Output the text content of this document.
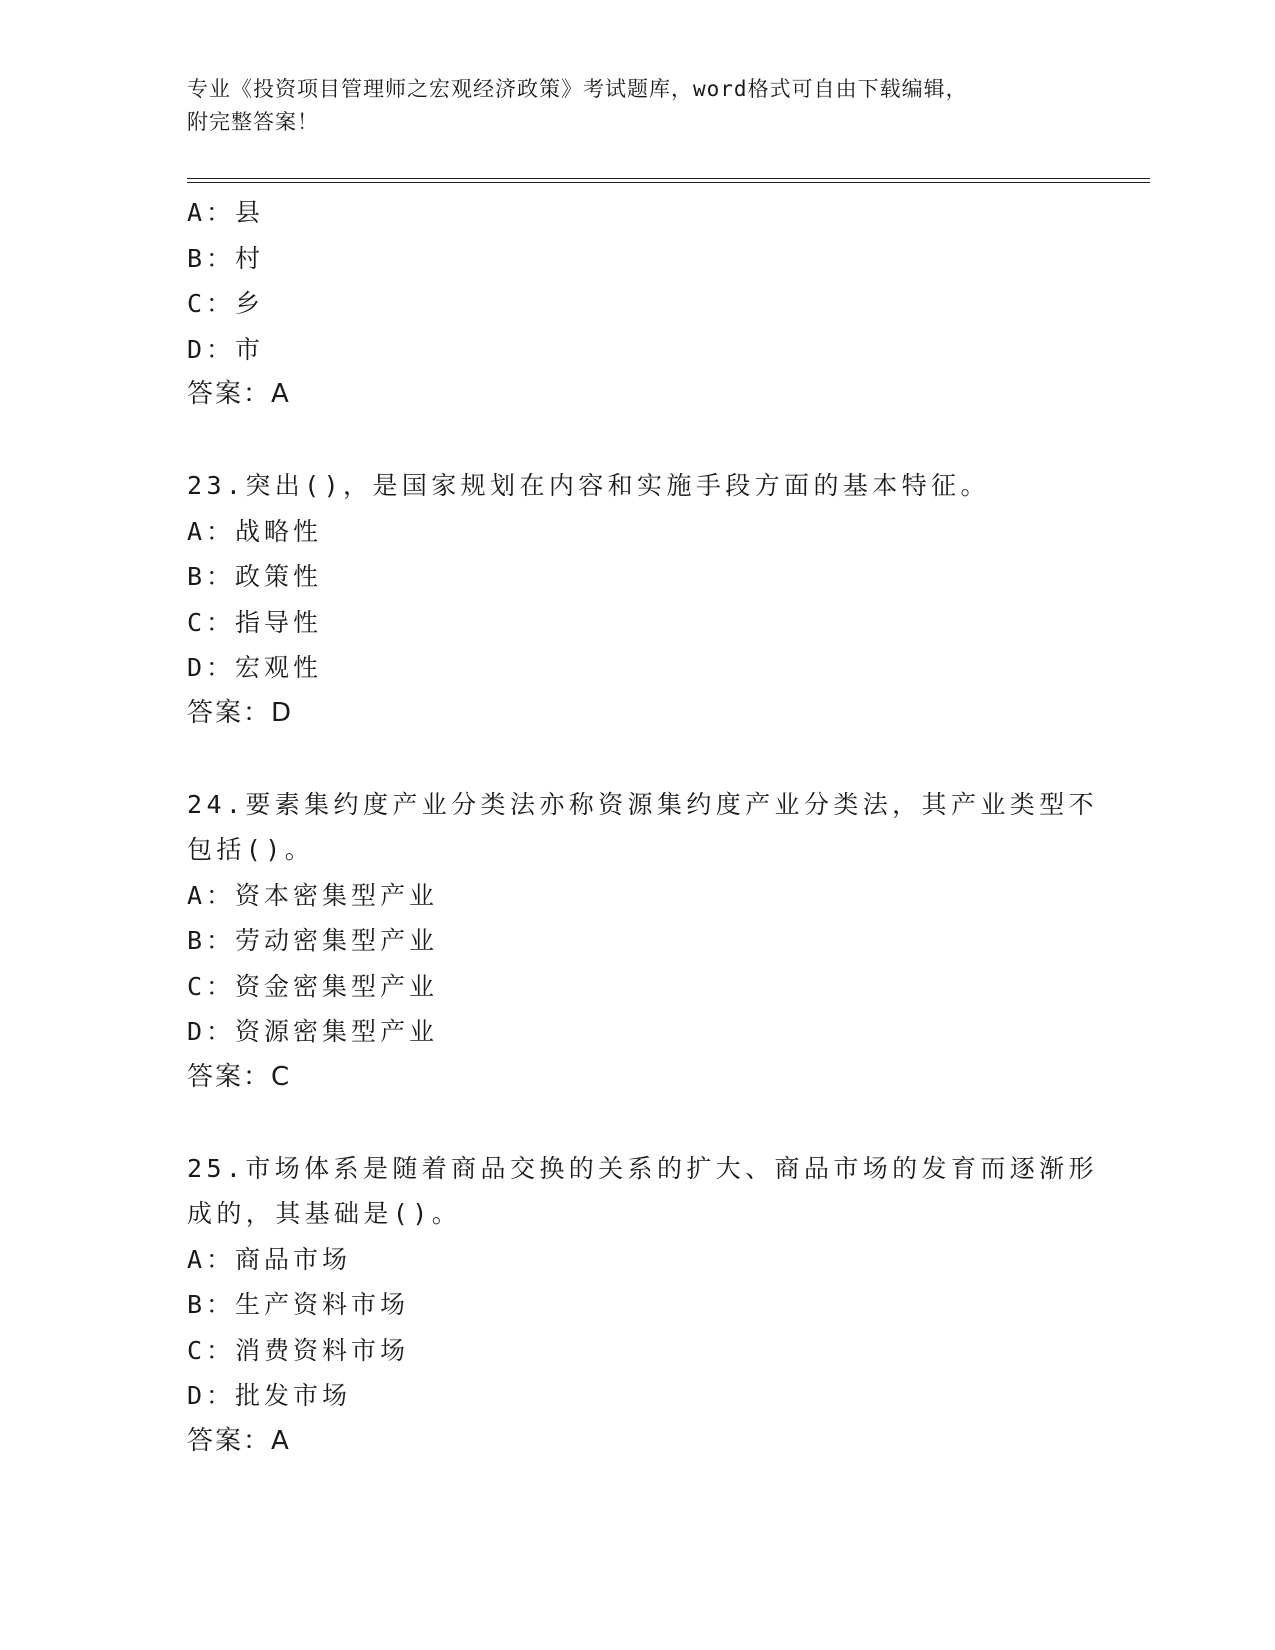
专业《投资项目管理师之宏观经济政策》考试题库，word格式可自由下载编辑，
附完整答案！
A：县
B：村
C：乡
D：市
答案：A
23.突出()，是国家规划在内容和实施手段方面的基本特征。
A：战略性
B：政策性
C：指导性
D：宏观性
答案：D
24.要素集约度产业分类法亦称资源集约度产业分类法，其产业类型不
包括()。
A：资本密集型产业
B：劳动密集型产业
C：资金密集型产业
D：资源密集型产业
答案：C
25.市场体系是随着商品交换的关系的扩大、商品市场的发育而逐渐形
成的，其基础是()。
A：商品市场
B：生产资料市场
C：消费资料市场
D：批发市场
答案：A
